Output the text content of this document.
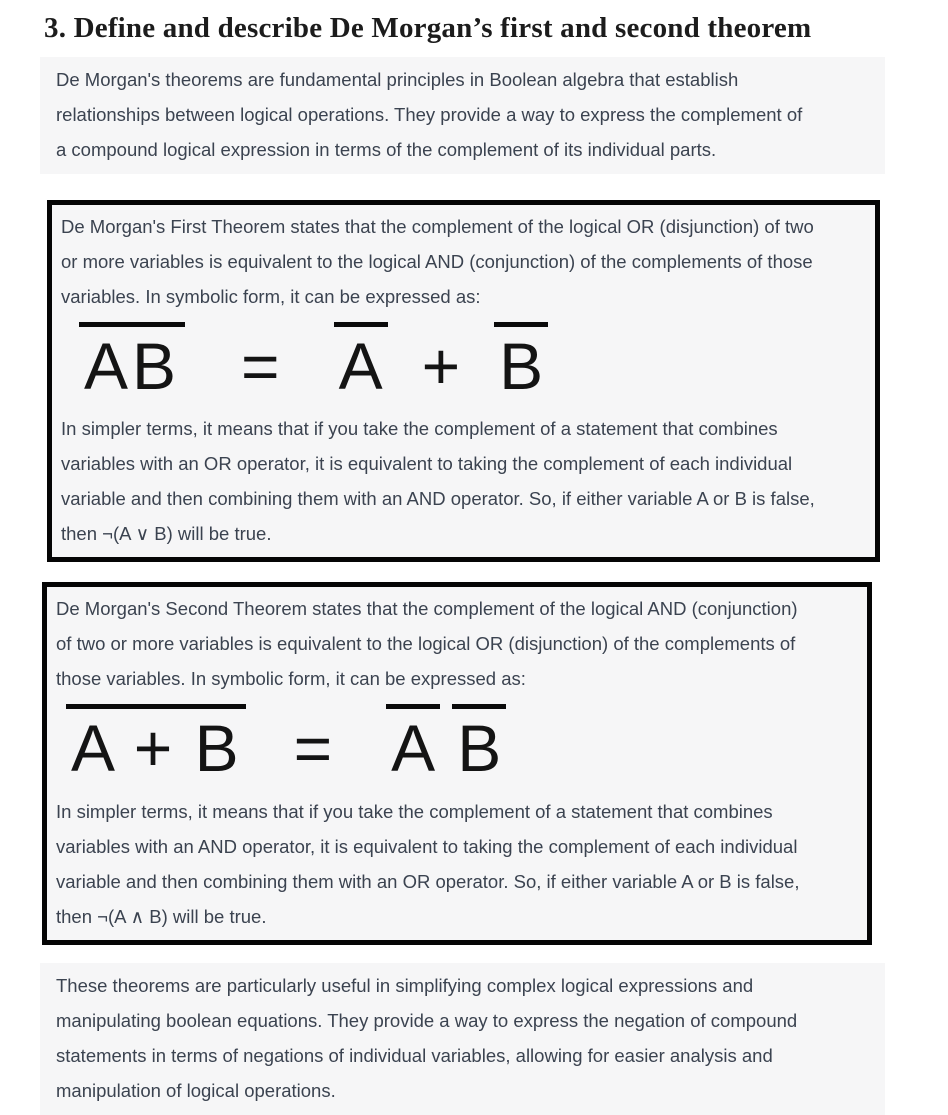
3. Define and describe De Morgan’s first and second theorem

De Morgan's theorems are fundamental principles in Boolean algebra that establish
relationships between logical operations. They provide a way to express the complement of
a compound logical expression in terms of the complement of its individual parts.

De Morgan's First Theorem states that the complement of the logical OR (disjunction) of two
or more variables is equivalent to the logical AND (conjunction) of the complements of those
variables. In symbolic form, it can be expressed as:

AB = A + B

In simpler terms, it means that if you take the complement of a statement that combines
variables with an OR operator, it is equivalent to taking the complement of each individual
variable and then combining them with an AND operator. So, if either variable A or B is false,
then ¬(A ∨ B) will be true.

De Morgan's Second Theorem states that the complement of the logical AND (conjunction)
of two or more variables is equivalent to the logical OR (disjunction) of the complements of
those variables. In symbolic form, it can be expressed as:

A + B = A B

In simpler terms, it means that if you take the complement of a statement that combines
variables with an AND operator, it is equivalent to taking the complement of each individual
variable and then combining them with an OR operator. So, if either variable A or B is false,
then ¬(A ∧ B) will be true.

These theorems are particularly useful in simplifying complex logical expressions and
manipulating boolean equations. They provide a way to express the negation of compound
statements in terms of negations of individual variables, allowing for easier analysis and
manipulation of logical operations.
